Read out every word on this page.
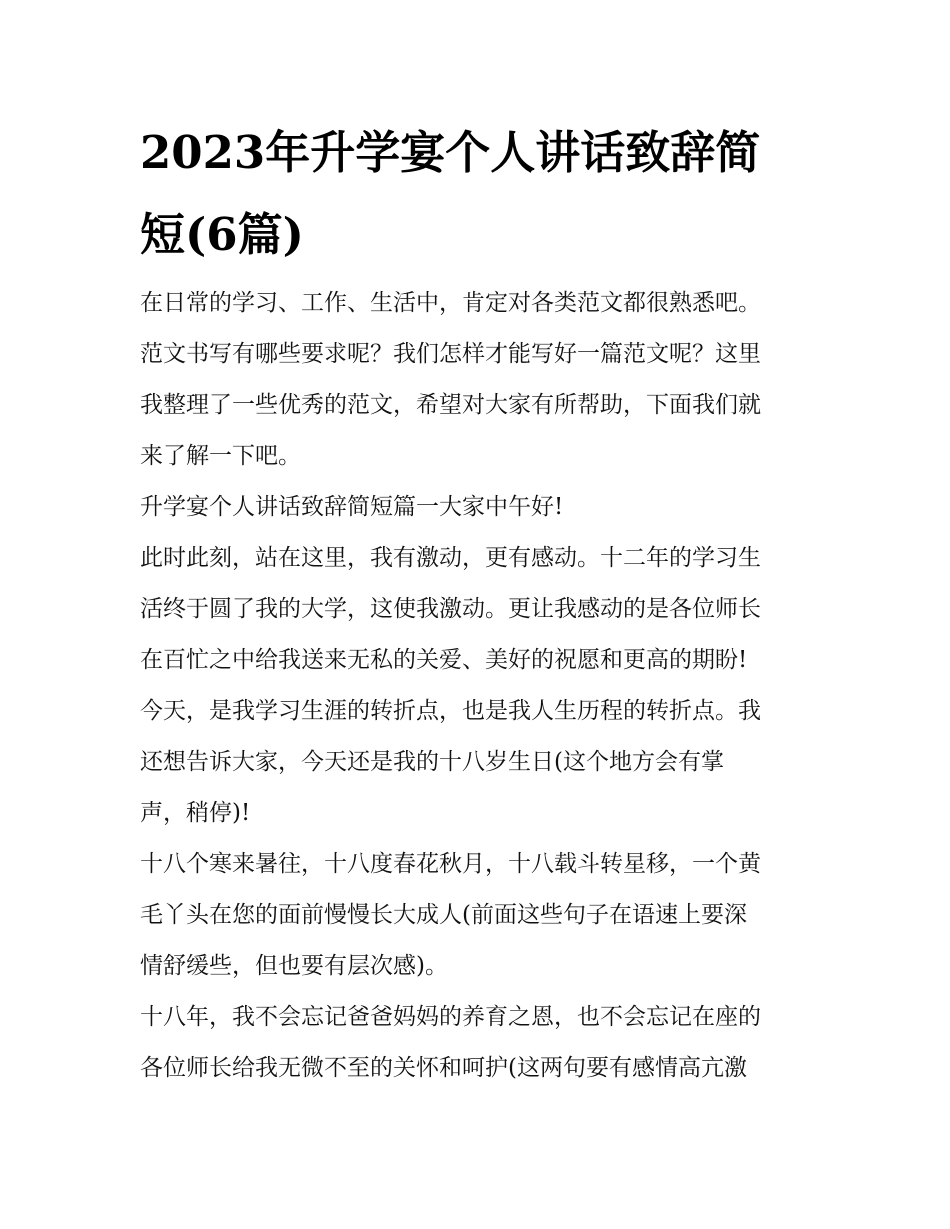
2023年升学宴个人讲话致辞简
短(6篇)
在日常的学习、工作、生活中，肯定对各类范文都很熟悉吧。
范文书写有哪些要求呢？我们怎样才能写好一篇范文呢？这里
我整理了一些优秀的范文，希望对大家有所帮助，下面我们就
来了解一下吧。
升学宴个人讲话致辞简短篇一大家中午好!
此时此刻，站在这里，我有激动，更有感动。十二年的学习生
活终于圆了我的大学，这使我激动。更让我感动的是各位师长
在百忙之中给我送来无私的关爱、美好的祝愿和更高的期盼!
今天，是我学习生涯的转折点，也是我人生历程的转折点。我
还想告诉大家，今天还是我的十八岁生日(这个地方会有掌
声，稍停)!
十八个寒来暑往，十八度春花秋月，十八载斗转星移，一个黄
毛丫头在您的面前慢慢长大成人(前面这些句子在语速上要深
情舒缓些，但也要有层次感)。
十八年，我不会忘记爸爸妈妈的养育之恩，也不会忘记在座的
各位师长给我无微不至的关怀和呵护(这两句要有感情高亢激
